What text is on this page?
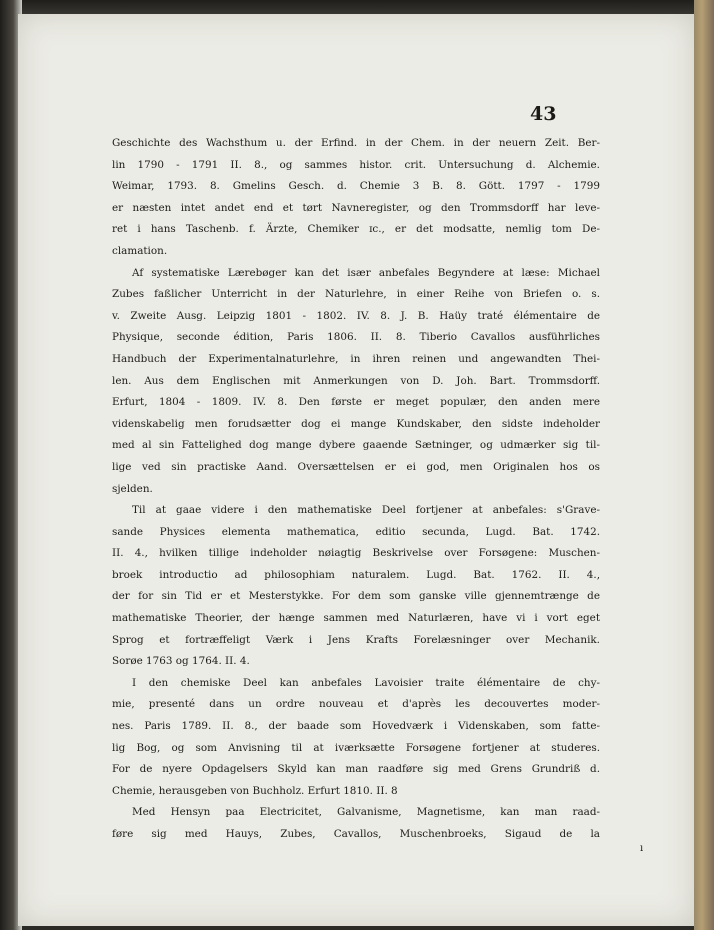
43
Geschichte des Wachsthum u. der Erfind. in der Chem. in der neuern Zeit. Ber-
lin 1790 - 1791 II. 8., og sammes histor. crit. Untersuchung d. Alchemie.
Weimar, 1793. 8. Gmelins Gesch. d. Chemie 3 B. 8. Gött. 1797 - 1799
er næsten intet andet end et tørt Navneregister, og den Trommsdorff har leve-
ret i hans Taschenb. f. Ärzte, Chemiker ɪc., er det modsatte, nemlig tom De-
clamation.
Af systematiske Lærebøger kan det især anbefales Begyndere at læse: Michael
Zubes faßlicher Unterricht in der Naturlehre, in einer Reihe von Briefen o. s.
v. Zweite Ausg. Leipzig 1801 - 1802. IV. 8. J. B. Haüy traté élémentaire de
Physique, seconde édition, Paris 1806. II. 8. Tiberio Cavallos ausführliches
Handbuch der Experimentalnaturlehre, in ihren reinen und angewandten Thei-
len. Aus dem Englischen mit Anmerkungen von D. Joh. Bart. Trommsdorff.
Erfurt, 1804 - 1809. IV. 8. Den første er meget populær, den anden mere
videnskabelig men forudsætter dog ei mange Kundskaber, den sidste indeholder
med al sin Fattelighed dog mange dybere gaaende Sætninger, og udmærker sig til-
lige ved sin practiske Aand. Oversættelsen er ei god, men Originalen hos os
sjelden.
Til at gaae videre i den mathematiske Deel fortjener at anbefales: s'Grave-
sande Physices elementa mathematica, editio secunda, Lugd. Bat. 1742.
II. 4., hvilken tillige indeholder nøiagtig Beskrivelse over Forsøgene: Muschen-
broek introductio ad philosophiam naturalem. Lugd. Bat. 1762. II. 4.,
der for sin Tid er et Mesterstykke. For dem som ganske ville gjennemtrænge de
mathematiske Theorier, der hænge sammen med Naturlæren, have vi i vort eget
Sprog et fortræffeligt Værk i Jens Krafts Forelæsninger over Mechanik.
Sorøe 1763 og 1764. II. 4.
I den chemiske Deel kan anbefales Lavoisier traite élémentaire de chy-
mie, presenté dans un ordre nouveau et d'après les decouvertes moder-
nes. Paris 1789. II. 8., der baade som Hovedværk i Videnskaben, som fatte-
lig Bog, og som Anvisning til at iværksætte Forsøgene fortjener at studeres.
For de nyere Opdagelsers Skyld kan man raadføre sig med Grens Grundriß d.
Chemie, herausgeben von Buchholz. Erfurt 1810. II. 8
Med Hensyn paa Electricitet, Galvanisme, Magnetisme, kan man raad-
føre sig med Hauys, Zubes, Cavallos, Muschenbroeks, Sigaud de la
ı
